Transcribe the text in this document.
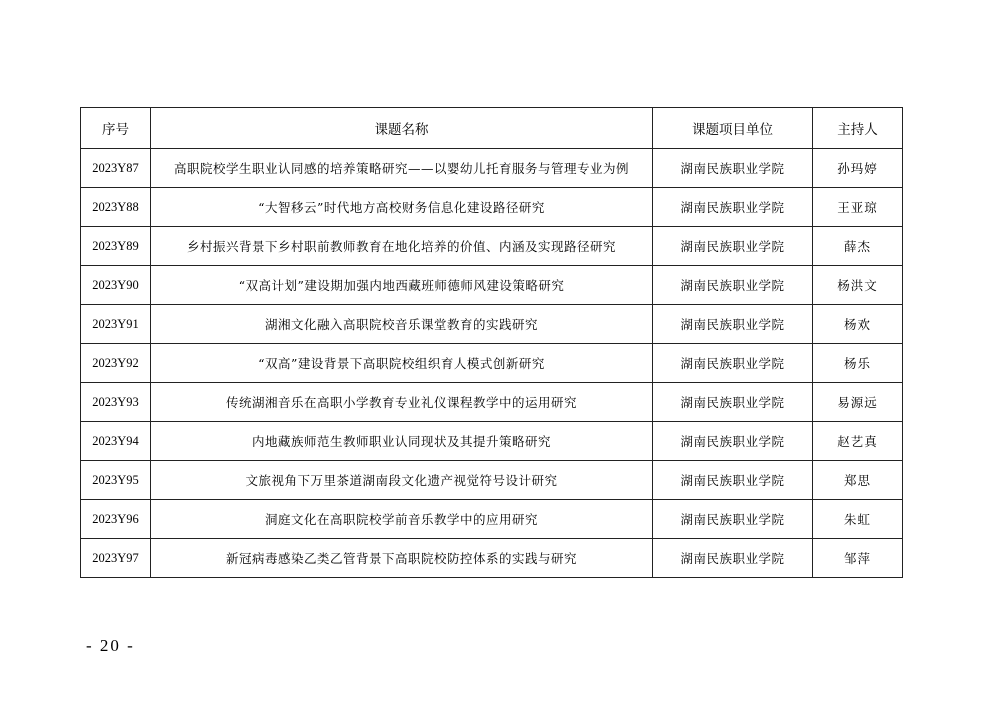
序号	课题名称	课题项目单位	主持人
2023Y87	高职院校学生职业认同感的培养策略研究——以婴幼儿托育服务与管理专业为例	湖南民族职业学院	孙玛婷
2023Y88	“大智移云”时代地方高校财务信息化建设路径研究	湖南民族职业学院	王亚琼
2023Y89	乡村振兴背景下乡村职前教师教育在地化培养的价值、内涵及实现路径研究	湖南民族职业学院	薛杰
2023Y90	“双高计划”建设期加强内地西藏班师德师风建设策略研究	湖南民族职业学院	杨洪文
2023Y91	湖湘文化融入高职院校音乐课堂教育的实践研究	湖南民族职业学院	杨欢
2023Y92	“双高”建设背景下高职院校组织育人模式创新研究	湖南民族职业学院	杨乐
2023Y93	传统湖湘音乐在高职小学教育专业礼仪课程教学中的运用研究	湖南民族职业学院	易源远
2023Y94	内地藏族师范生教师职业认同现状及其提升策略研究	湖南民族职业学院	赵艺真
2023Y95	文旅视角下万里茶道湖南段文化遗产视觉符号设计研究	湖南民族职业学院	郑思
2023Y96	洞庭文化在高职院校学前音乐教学中的应用研究	湖南民族职业学院	朱虹
2023Y97	新冠病毒感染乙类乙管背景下高职院校防控体系的实践与研究	湖南民族职业学院	邹萍
- 20 -
